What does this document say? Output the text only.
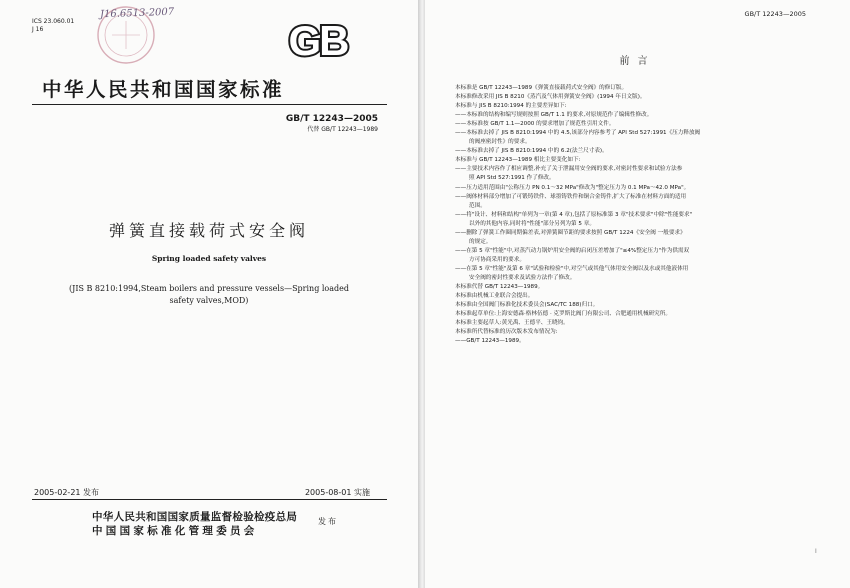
ICS 23.060.01
J 16
J16.6513-2007
GB
中华人民共和国国家标准
GB/T 12243—2005
代替 GB/T 12243—1989
弹簧直接载荷式安全阀
Spring loaded safety valves
(JIS B 8210:1994,Steam boilers and pressure vessels—Spring loaded safety valves,MOD)
2005-02-21 发布	2005-08-01 实施
中华人民共和国国家质量监督检验检疫总局
中国国家标准化管理委员会
发布
GB/T 12243—2005
前言
本标准是 GB/T 12243—1989《弹簧直接载荷式安全阀》的修订版。
本标准修改采用 JIS B 8210《蒸汽及气体用弹簧安全阀》(1994 年日文版)。
本标准与 JIS B 8210:1994 的主要差异如下:
——本标准的结构和编写规则按照 GB/T 1.1 的要求,对原规范作了编辑性修改。
——本标准按 GB/T 1.1—2000 的要求增加了规范性引用文件。
——本标准去掉了 JIS B 8210:1994 中的 4.5,该部分内容参考了 API Std 527:1991《压力释放阀
的阀座密封性》的要求。
——本标准去掉了 JIS B 8210:1994 中的 6.2(法兰尺寸表)。
本标准与 GB/T 12243—1989 相比主要变化如下:
——主要技术内容作了相应调整,补充了关于泄漏用安全阀的要求,对密封性要求和试验方法参
照 API Std 527:1991 作了修改。
——压力适用范围由"公称压力 PN 0.1～32 MPa"修改为"整定压力为 0.1 MPa～42.0 MPa"。
——阀体材料部分增加了可锻铸铁件、球墨铸铁件和铜合金铸件,扩大了标准在材料方面的适用
范围。
——将"设计、材料和结构"单列为一章(第 4 章),包括了原标准第 3 章"技术要求"中除"性能要求"
以外的其他内容,同时将"性能"部分另列为第 5 章。
——删除了弹簧工作圈同期偏差表,对弹簧圈节距的要求按照 GB/T 1224《安全阀 一般要求》
的规定。
——在第 5 章"性能"中,对蒸汽动力锅炉用安全阀的启闭压差增加了"≤4%整定压力"作为供需双
方可协商采用的要求。
——在第 5 章"性能"及第 6 章"试验和检验"中,对空气或其他气体用安全阀以及水或其他液体用
安全阀的密封性要求及试验方法作了修改。
本标准代替 GB/T 12243—1989。
本标准由机械工业联合会提出。
本标准由全国阀门标准化技术委员会(SAC/TC 188)归口。
本标准起草单位:上海安德森·格林伍德 · 克罗斯比阀门有限公司、合肥通用机械研究所。
本标准主要起草人:黄光禹、王德平、王晓钧。
本标准所代替标准的历次版本发布情况为:
——GB/T 12243—1989。
I
